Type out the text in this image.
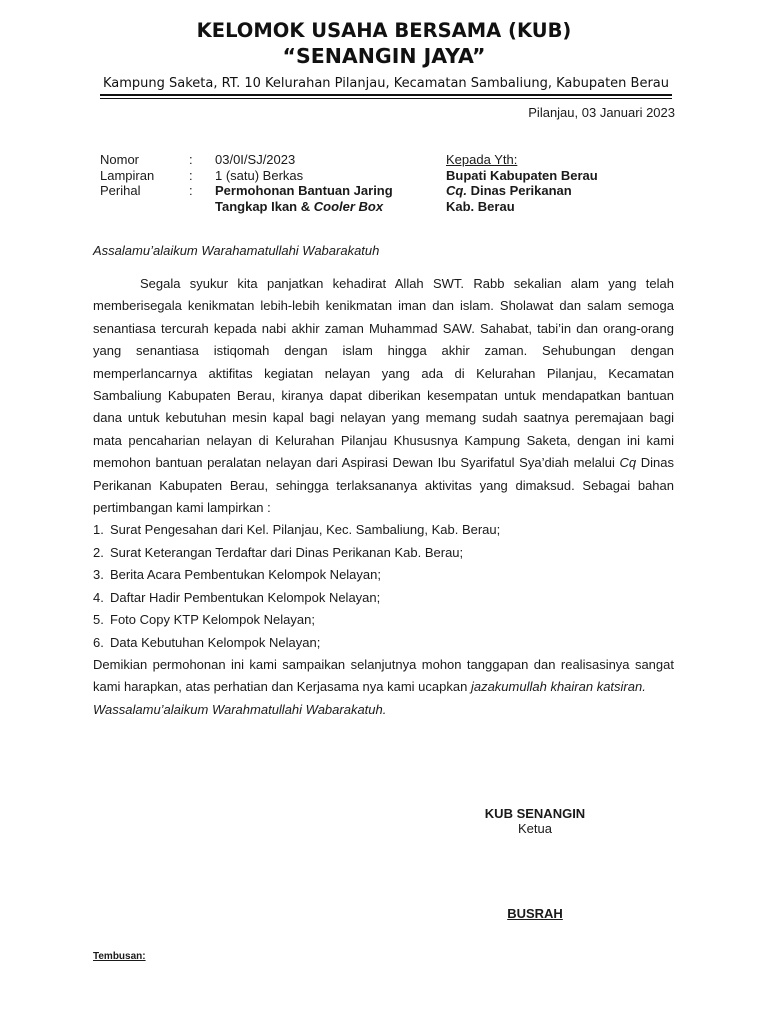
KELOMOK USAHA BERSAMA (KUB)
“SENANGIN JAYA”
Kampung Saketa, RT. 10 Kelurahan Pilanjau, Kecamatan Sambaliung, Kabupaten Berau
Pilanjau, 03 Januari 2023
Nomor	: 03/0I/SJ/2023
Lampiran	: 1 (satu) Berkas
Perihal	: Permohonan Bantuan Jaring
Tangkap Ikan & Cooler Box
Kepada Yth:
Bupati Kabupaten Berau
Cq. Dinas Perikanan
Kab. Berau
Assalamu’alaikum Warahamatullahi Wabarakatuh

Segala syukur kita panjatkan kehadirat Allah SWT. Rabb sekalian alam yang telah memberisegala kenikmatan lebih-lebih kenikmatan iman dan islam. Sholawat dan salam semoga senantiasa tercurah kepada nabi akhir zaman Muhammad SAW. Sahabat, tabi’in dan orang-orang yang senantiasa istiqomah dengan islam hingga akhir zaman. Sehubungan dengan memperlancarnya aktifitas kegiatan nelayan yang ada di Kelurahan Pilanjau, Kecamatan Sambaliung Kabupaten Berau, kiranya dapat diberikan kesempatan untuk mendapatkan bantuan dana untuk kebutuhan mesin kapal bagi nelayan yang memang sudah saatnya peremajaan bagi mata pencaharian nelayan di Kelurahan Pilanjau Khususnya Kampung Saketa, dengan ini kami memohon bantuan peralatan nelayan dari Aspirasi Dewan Ibu Syarifatul Sya’diah melalui Cq Dinas Perikanan Kabupaten Berau, sehingga terlaksananya aktivitas yang dimaksud. Sebagai bahan pertimbangan kami lampirkan :

1. Surat Pengesahan dari Kel. Pilanjau, Kec. Sambaliung, Kab. Berau;
2. Surat Keterangan Terdaftar dari Dinas Perikanan Kab. Berau;
3. Berita Acara Pembentukan Kelompok Nelayan;
4. Daftar Hadir Pembentukan Kelompok Nelayan;
5. Foto Copy KTP Kelompok Nelayan;
6. Data Kebutuhan Kelompok Nelayan;

Demikian permohonan ini kami sampaikan selanjutnya mohon tanggapan dan realisasinya sangat kami harapkan, atas perhatian dan Kerjasama nya kami ucapkan jazakumullah khairan katsiran.

Wassalamu’alaikum Warahmatullahi Wabarakatuh.

KUB SENANGIN
Ketua
BUSRAH
Tembusan:
